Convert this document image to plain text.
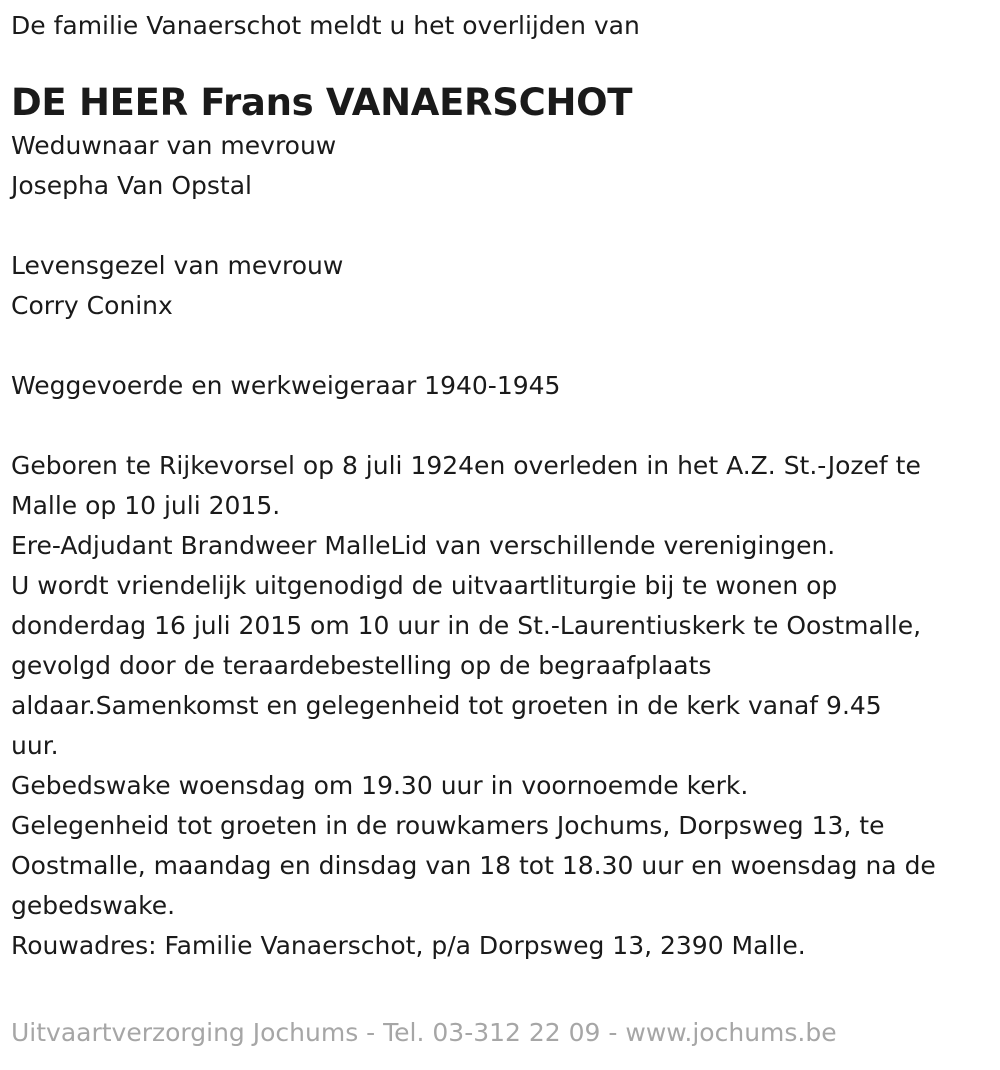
De familie Vanaerschot meldt u het overlijden van

DE HEER Frans VANAERSCHOT

Weduwnaar van mevrouw

Josepha Van Opstal

Levensgezel van mevrouw

Corry Coninx

Weggevoerde en werkweigeraar 1940-1945

Geboren te Rijkevorsel op 8 juli 1924en overleden in het A.Z. St.-Jozef te

Malle op 10 juli 2015.

Ere-Adjudant Brandweer MalleLid van verschillende verenigingen.

U wordt vriendelijk uitgenodigd de uitvaartliturgie bij te wonen op

donderdag 16 juli 2015 om 10 uur in de St.-Laurentiuskerk te Oostmalle,

gevolgd door de teraardebestelling op de begraafplaats

aldaar.Samenkomst en gelegenheid tot groeten in de kerk vanaf 9.45

uur.

Gebedswake woensdag om 19.30 uur in voornoemde kerk.

Gelegenheid tot groeten in de rouwkamers Jochums, Dorpsweg 13, te

Oostmalle, maandag en dinsdag van 18 tot 18.30 uur en woensdag na de

gebedswake.

Rouwadres: Familie Vanaerschot, p/a Dorpsweg 13, 2390 Malle.

Uitvaartverzorging Jochums - Tel. 03-312 22 09 - www.jochums.be
